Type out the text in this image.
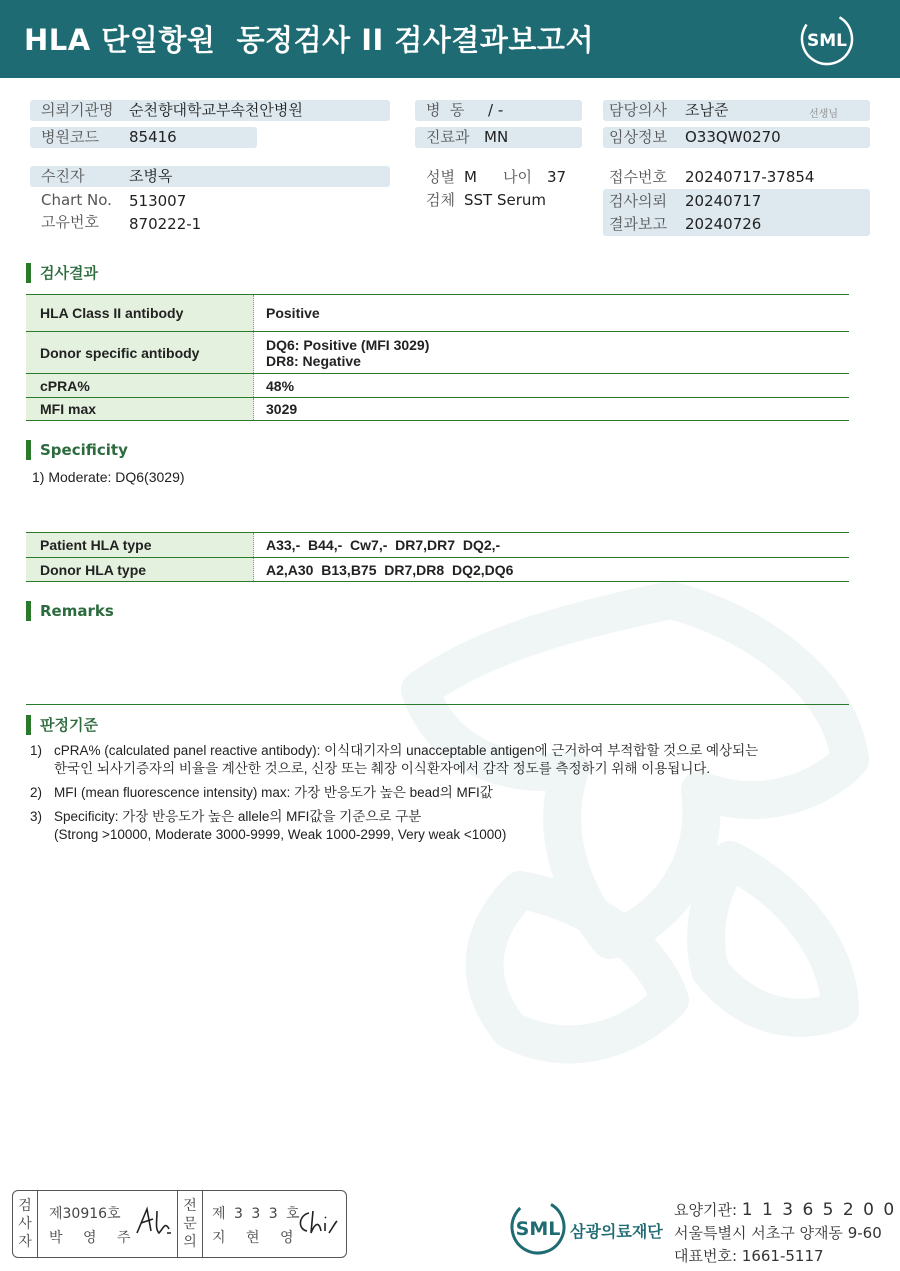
HLA 단일항원  동정검사 II 검사결과보고서	SML
의뢰기관명 순천향대학교부속천안병원
병원코드 85416
병  동 / -
진료과 MN
담당의사 조남준	선생님
임상정보 O33QW0270
수진자	조병옥
Chart No. 513007
고유번호 870222-1
성별 M 나이 37
검체 SST Serum
접수번호 20240717-37854
검사의뢰 20240717
결과보고 20240726
검사결과
HLA Class II antibody	Positive
Donor specific antibody	DQ6: Positive (MFI 3029)
DR8: Negative
cPRA%	48%
MFI max	3029
Specificity
1) Moderate: DQ6(3029)
Patient HLA type	A33,-  B44,-  Cw7,-  DR7,DR7  DQ2,-
Donor HLA type	A2,A30  B13,B75  DR7,DR8  DQ2,DQ6
Remarks
판정기준
1) cPRA% (calculated panel reactive antibody): 이식대기자의 unacceptable antigen에 근거하여 부적합할 것으로 예상되는
한국인 뇌사기증자의 비율을 계산한 것으로, 신장 또는 췌장 이식환자에서 감작 정도를 측정하기 위해 이용됩니다.
2) MFI (mean fluorescence intensity) max: 가장 반응도가 높은 bead의 MFI값
3) Specificity: 가장 반응도가 높은 allele의 MFI값을 기준으로 구분
(Strong >10000, Moderate 3000-9999, Weak 1000-2999, Very weak <1000)
검
사
자
제30916호
박 영 주
전
문
의
제 3 3 3 호
지 현 영	SML 삼광의료재단
요양기관: 1 1 3 6 5 2 0 0
서울특별시 서초구 양재동 9-60
대표번호: 1661-5117
